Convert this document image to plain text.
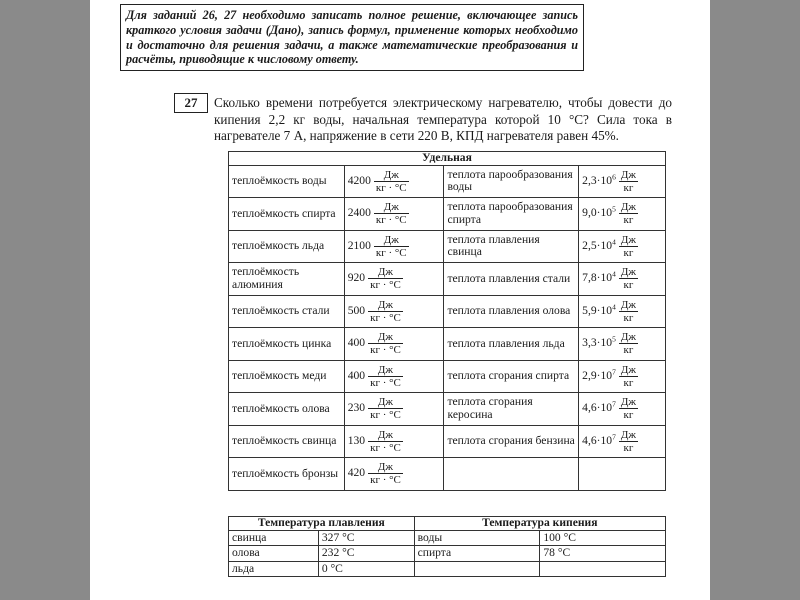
Для заданий 26, 27 необходимо записать полное решение, включающее запись краткого условия задачи (Дано), запись формул, применение которых необходимо и достаточно для решения задачи, а также математические преобразования и расчёты, приводящие к числовому ответу.
27	Сколько времени потребуется электрическому нагревателю, чтобы довести до кипения 2,2 кг воды, начальная температура которой 10 °С? Сила тока в нагревателе 7 А, напряжение в сети 220 В, КПД нагревателя равен 45%.
Удельная			
теплоёмкость воды	$4200 \frac{Дж}{кг \cdot ^\circ С}$	теплота парообразования воды	$2,3\cdot 10^6 \frac{Дж}{кг}$

теплоёмкость спирта	$2400 \frac{Дж}{кг \cdot ^\circ С}$	теплота парообразования спирта	$9,0\cdot 10^5 \frac{Дж}{кг}$

теплоёмкость льда	$2100 \frac{Дж}{кг \cdot ^\circ С}$	теплота плавления свинца	$2,5\cdot 10^4 \frac{Дж}{кг}$

теплоёмкость алюминия	$920 \frac{Дж}{кг \cdot ^\circ С}$	теплота плавления стали	$7,8\cdot 10^4 \frac{Дж}{кг}$

теплоёмкость стали	$500 \frac{Дж}{кг \cdot ^\circ С}$	теплота плавления олова	$5,9\cdot 10^4 \frac{Дж}{кг}$

теплоёмкость цинка	$400 \frac{Дж}{кг \cdot ^\circ С}$	теплота плавления льда	$3,3\cdot 10^5 \frac{Дж}{кг}$

теплоёмкость меди	$400 \frac{Дж}{кг \cdot ^\circ С}$	теплота сгорания спирта	$2,9\cdot 10^7 \frac{Дж}{кг}$

теплоёмкость олова	$230 \frac{Дж}{кг \cdot ^\circ С}$	теплота сгорания керосина	$4,6\cdot 10^7 \frac{Дж}{кг}$

теплоёмкость свинца	$130 \frac{Дж}{кг \cdot ^\circ С}$	теплота сгорания бензина	$4,6\cdot 10^7 \frac{Дж}{кг}$

теплоёмкость бронзы	$420 \frac{Дж}{кг \cdot ^\circ С}$

Температура плавления		Температура кипения	
свинца	327 °С	воды	100 °С
олова	232 °С	спирта	78 °С
льда	0 °С		
